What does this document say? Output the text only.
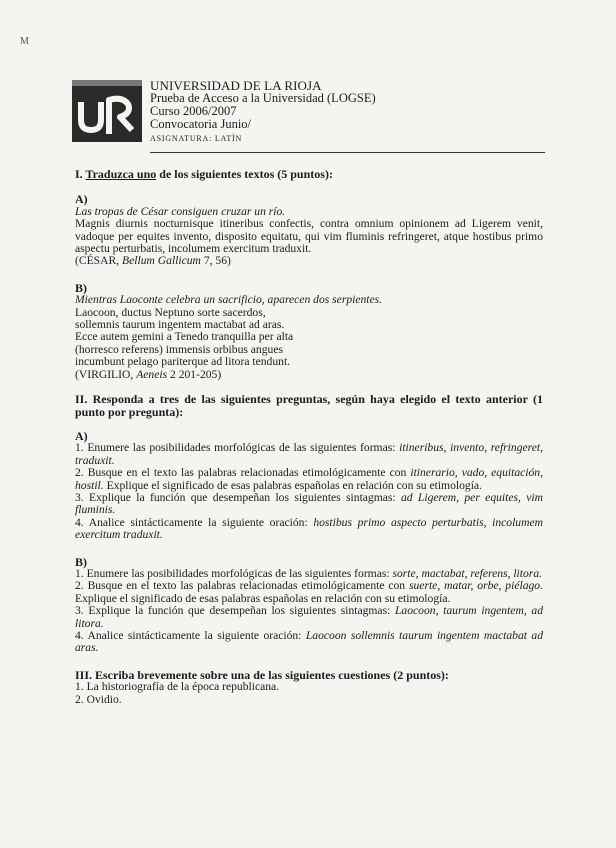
M
UNIVERSIDAD DE LA RIOJA
Prueba de Acceso a la Universidad (LOGSE)
Curso 2006/2007
Convocatoria Junio/
ASIGNATURA: LATÍN

I. Traduzca uno de los siguientes textos (5 puntos):

A)

Las tropas de César consiguen cruzar un río.

Magnis diurnis nocturnisque itineribus confectis, contra omnium opinionem ad Ligerem venit, vadoque per equites invento, disposito equitatu, qui vim fluminis refringeret, atque hostibus primo aspectu perturbatis, incolumem exercitum traduxit.

(CÉSAR, Bellum Gallicum 7, 56)

B)

Mientras Laoconte celebra un sacrificio, aparecen dos serpientes.

Laocoon, ductus Neptuno sorte sacerdos,

sollemnis taurum ingentem mactabat ad aras.

Ecce autem gemini a Tenedo tranquilla per alta

(horresco referens) immensis orbibus angues

incumbunt pelago pariterque ad litora tendunt.

(VIRGILIO, Aeneis 2 201-205)

II. Responda a tres de las siguientes preguntas, según haya elegido el texto anterior (1 punto por pregunta):

A)

1. Enumere las posibilidades morfológicas de las siguientes formas: itineribus, invento, refringeret, traduxit.

2. Busque en el texto las palabras relacionadas etimológicamente con itinerario, vado, equitación, hostil. Explique el significado de esas palabras españolas en relación con su etimología.

3. Explique la función que desempeñan los siguientes sintagmas: ad Ligerem, per equites, vim fluminis.

4. Analice sintácticamente la siguiente oración: hostibus primo aspecto perturbatis, incolumem exercitum traduxit.

B)

1. Enumere las posibilidades morfológicas de las siguientes formas: sorte, mactabat, referens, litora.

2. Busque en el texto las palabras relacionadas etimológicamente con suerte, matar, orbe, piélago. Explique el significado de esas palabras españolas en relación con su etimología.

3. Explique la función que desempeñan los siguientes sintagmas: Laocoon, taurum ingentem, ad litora.

4. Analice sintácticamente la siguiente oración: Laocoon sollemnis taurum ingentem mactabat ad aras.

III. Escriba brevemente sobre una de las siguientes cuestiones (2 puntos):

1. La historiografía de la época republicana.

2. Ovidio.
